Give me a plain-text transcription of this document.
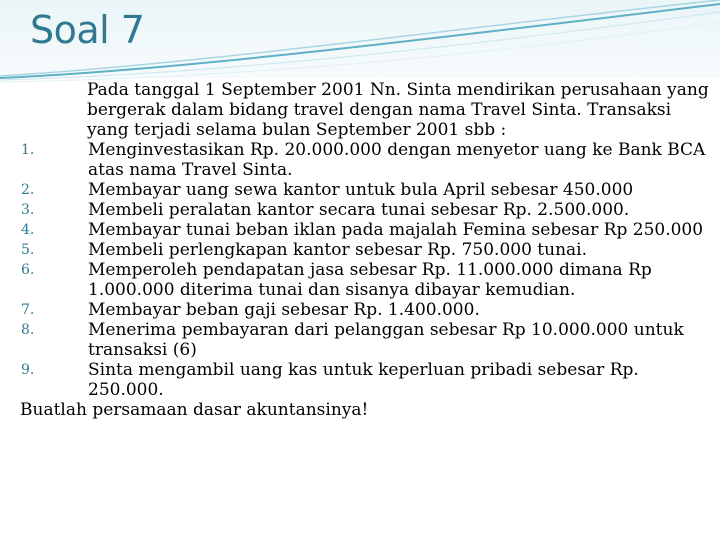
Soal 7

Pada tanggal 1 September 2001 Nn. Sinta mendirikan perusahaan yang bergerak dalam bidang travel dengan nama Travel Sinta. Transaksi yang terjadi selama bulan September 2001 sbb :

1.	Menginvestasikan Rp. 20.000.000 dengan menyetor uang ke Bank BCA atas nama Travel Sinta.
2.	Membayar uang sewa kantor untuk bula April sebesar 450.000
3.	Membeli peralatan kantor secara tunai sebesar Rp. 2.500.000.
4.	Membayar tunai beban iklan pada majalah Femina sebesar Rp 250.000
5.	Membeli perlengkapan kantor sebesar Rp. 750.000 tunai.
6.	Memperoleh pendapatan jasa sebesar Rp. 11.000.000 dimana Rp 1.000.000 diterima tunai dan sisanya dibayar kemudian.
7.	Membayar beban gaji sebesar Rp. 1.400.000.
8.	Menerima pembayaran dari pelanggan sebesar Rp 10.000.000 untuk transaksi (6)
9.	Sinta mengambil uang kas untuk keperluan pribadi sebesar Rp. 250.000.

Buatlah persamaan dasar akuntansinya!
